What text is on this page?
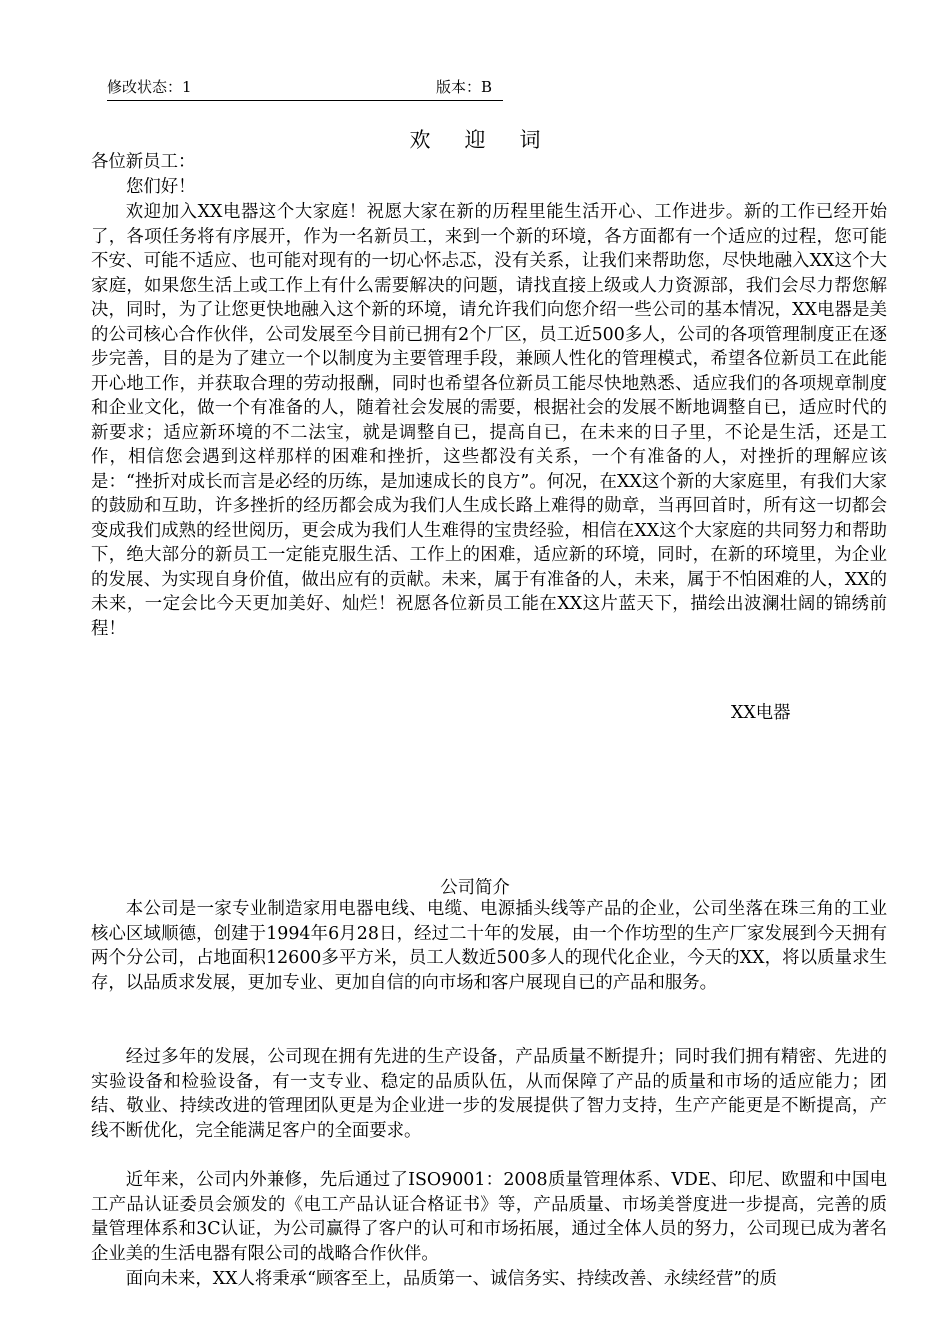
修改状态：1	版本：B
欢迎词
各位新员工：
您们好！
欢迎加入XX电器这个大家庭！祝愿大家在新的历程里能生活开心、工作进步。新的工作已经开始了，各项任务将有序展开，作为一名新员工，来到一个新的环境，各方面都有一个适应的过程，您可能不安、可能不适应、也可能对现有的一切心怀忐忑，没有关系，让我们来帮助您，尽快地融入XX这个大家庭，如果您生活上或工作上有什么需要解决的问题，请找直接上级或人力资源部，我们会尽力帮您解决，同时，为了让您更快地融入这个新的环境，请允许我们向您介绍一些公司的基本情况，XX电器是美的公司核心合作伙伴，公司发展至今目前已拥有2个厂区，员工近500多人，公司的各项管理制度正在逐步完善，目的是为了建立一个以制度为主要管理手段，兼顾人性化的管理模式，希望各位新员工在此能开心地工作，并获取合理的劳动报酬，同时也希望各位新员工能尽快地熟悉、适应我们的各项规章制度和企业文化，做一个有准备的人，随着社会发展的需要，根据社会的发展不断地调整自已，适应时代的新要求；适应新环境的不二法宝，就是调整自已，提高自已，在未来的日子里，不论是生活，还是工作，相信您会遇到这样那样的困难和挫折，这些都没有关系，一个有准备的人，对挫折的理解应该是：“挫折对成长而言是必经的历练，是加速成长的良方”。何况，在XX这个新的大家庭里，有我们大家的鼓励和互助，许多挫折的经历都会成为我们人生成长路上难得的勋章，当再回首时，所有这一切都会变成我们成熟的经世阅历，更会成为我们人生难得的宝贵经验，相信在XX这个大家庭的共同努力和帮助下，绝大部分的新员工一定能克服生活、工作上的困难，适应新的环境，同时，在新的环境里，为企业的发展、为实现自身价值，做出应有的贡献。未来，属于有准备的人，未来，属于不怕困难的人，XX的未来，一定会比今天更加美好、灿烂！祝愿各位新员工能在XX这片蓝天下，描绘出波澜壮阔的锦绣前程！
XX电器
公司简介
本公司是一家专业制造家用电器电线、电缆、电源插头线等产品的企业，公司坐落在珠三角的工业核心区域顺德，创建于1994年6月28日，经过二十年的发展，由一个作坊型的生产厂家发展到今天拥有两个分公司，占地面积12600多平方米，员工人数近500多人的现代化企业，今天的XX，将以质量求生存，以品质求发展，更加专业、更加自信的向市场和客户展现自已的产品和服务。
经过多年的发展，公司现在拥有先进的生产设备，产品质量不断提升；同时我们拥有精密、先进的实验设备和检验设备，有一支专业、稳定的品质队伍，从而保障了产品的质量和市场的适应能力；团结、敬业、持续改进的管理团队更是为企业进一步的发展提供了智力支持，生产产能更是不断提高，产线不断优化，完全能满足客户的全面要求。
近年来，公司内外兼修，先后通过了ISO9001：2008质量管理体系、VDE、印尼、欧盟和中国电工产品认证委员会颁发的《电工产品认证合格证书》等，产品质量、市场美誉度进一步提高，完善的质量管理体系和3C认证，为公司赢得了客户的认可和市场拓展，通过全体人员的努力，公司现已成为著名企业美的生活电器有限公司的战略合作伙伴。
面向未来，XX人将秉承“顾客至上，品质第一、诚信务实、持续改善、永续经营”的质
